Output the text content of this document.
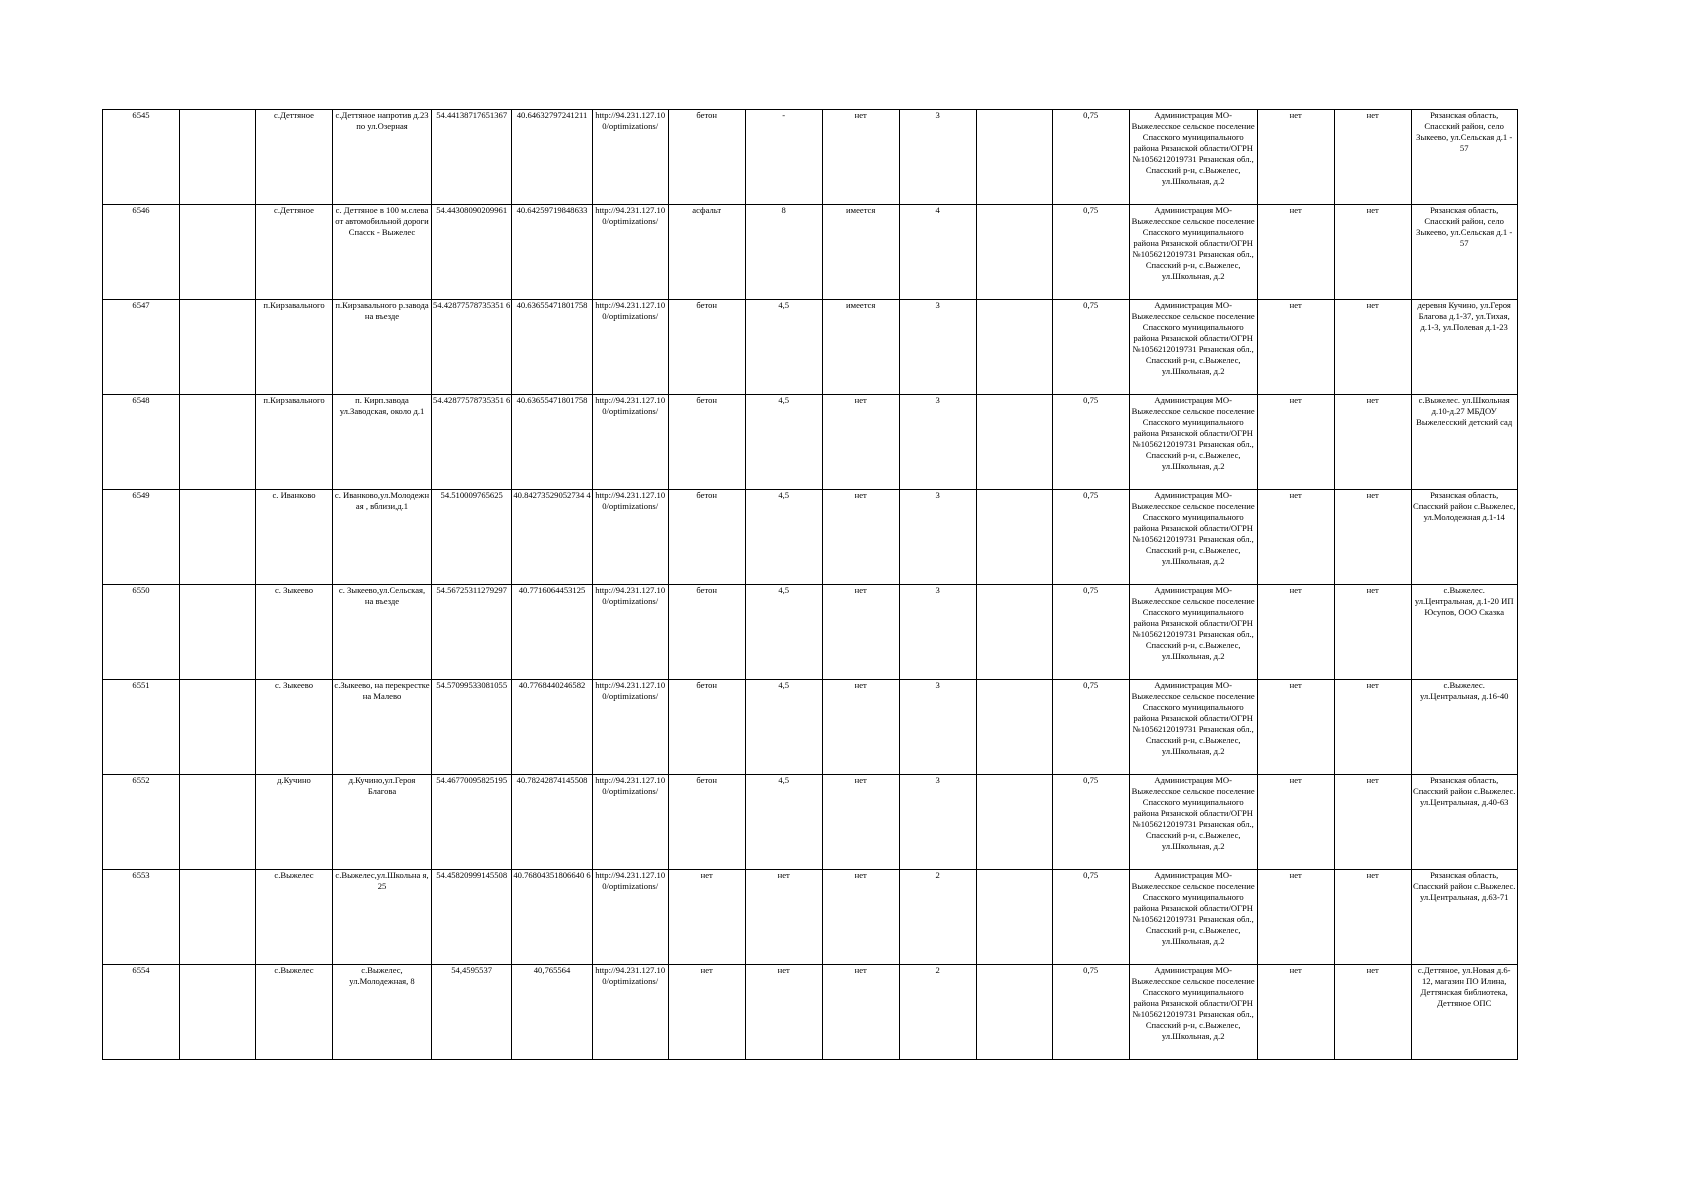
6545		с.Деттяное	с.Деттяное напротив д.23 по ул.Озерная	54.44138717651367	40.64632797241211	http://94.231.127.10 0/optimizations/	бетон	-	нет	3		0,75	Администрация МО-Выжелесское сельское поселение Спасского муниципального района Рязанской области/ОГРН №1056212019731 Рязанская обл., Спасский р-н, с.Выжелес, ул.Школьная, д.2	нет	нет	Рязанская область, Спасский район, село Зыкеево, ул.Сельская д.1 - 57
6546		с.Деттяное	с. Деттяное в 100 м.слева от автомобильной дороги Спасск - Выжелес	54.44308090209961	40.64259719848633	http://94.231.127.10 0/optimizations/	асфальт	8	имеется	4		0,75	Администрация МО-Выжелесское сельское поселение Спасского муниципального района Рязанской области/ОГРН №1056212019731 Рязанская обл., Спасский р-н, с.Выжелес, ул.Школьная, д.2	нет	нет	Рязанская область, Спасский район, село Зыкеево, ул.Сельская д.1 - 57
6547		п.Кирзавального	п.Кирзавального р.завода на въезде	54.42877578735351 6	40.63655471801758	http://94.231.127.10 0/optimizations/	бетон	4,5	имеется	3		0,75	Администрация МО-Выжелесское сельское поселение Спасского муниципального района Рязанской области/ОГРН №1056212019731 Рязанская обл., Спасский р-н, с.Выжелес, ул.Школьная, д.2	нет	нет	деревня Кучино, ул.Героя Благова д.1-37, ул.Тихая, д.1-3, ул.Полевая д.1-23
6548		п.Кирзавального	п. Кирп.завода ул.Заводская, около д.1	54.42877578735351 6	40.63655471801758	http://94.231.127.10 0/optimizations/	бетон	4,5	нет	3		0,75	Администрация МО-Выжелесское сельское поселение Спасского муниципального района Рязанской области/ОГРН №1056212019731 Рязанская обл., Спасский р-н, с.Выжелес, ул.Школьная, д.2	нет	нет	с.Выжелес. ул.Школьная д.10-д.27 МБДОУ Выжелесский детский сад
6549		с. Иванково	с. Иванково,ул.Молодежн ая , вблизи,д.1	54.510009765625	40.84273529052734 4	http://94.231.127.10 0/optimizations/	бетон	4,5	нет	3		0,75	Администрация МО-Выжелесское сельское поселение Спасского муниципального района Рязанской области/ОГРН №1056212019731 Рязанская обл., Спасский р-н, с.Выжелес, ул.Школьная, д.2	нет	нет	Рязанская область, Спасский район с.Выжелес, ул.Молодежная д.1-14
6550		с. Зыкеево	с. Зыкеево,ул.Сельская, на въезде	54.56725311279297	40.7716064453125	http://94.231.127.10 0/optimizations/	бетон	4,5	нет	3		0,75	Администрация МО-Выжелесское сельское поселение Спасского муниципального района Рязанской области/ОГРН №1056212019731 Рязанская обл., Спасский р-н, с.Выжелес, ул.Школьная, д.2	нет	нет	с.Выжелес. ул.Центральная, д.1-20 ИП Юсупов, ООО Сказка
6551		с. Зыкеево	с.Зыкеево, на перекрестке на Малево	54.57099533081055	40.7768440246582	http://94.231.127.10 0/optimizations/	бетон	4,5	нет	3		0,75	Администрация МО-Выжелесское сельское поселение Спасского муниципального района Рязанской области/ОГРН №1056212019731 Рязанская обл., Спасский р-н, с.Выжелес, ул.Школьная, д.2	нет	нет	с.Выжелес. ул.Центральная, д.16-40
6552		д.Кучино	д.Кучино,ул.Героя Благова	54.46770095825195	40.78242874145508	http://94.231.127.10 0/optimizations/	бетон	4,5	нет	3		0,75	Администрация МО-Выжелесское сельское поселение Спасского муниципального района Рязанской области/ОГРН №1056212019731 Рязанская обл., Спасский р-н, с.Выжелес, ул.Школьная, д.2	нет	нет	Рязанская область, Спасский район с.Выжелес. ул.Центральная, д.40-63
6553		с.Выжелес	с.Выжелес,ул.Школьна я, 25	54.45820999145508	40.76804351806640 6	http://94.231.127.10 0/optimizations/	нет	нет	нет	2		0,75	Администрация МО-Выжелесское сельское поселение Спасского муниципального района Рязанской области/ОГРН №1056212019731 Рязанская обл., Спасский р-н, с.Выжелес, ул.Школьная, д.2	нет	нет	Рязанская область, Спасский район с.Выжелес. ул.Центральная, д.63-71
6554		с.Выжелес	с.Выжелес, ул.Молодежная, 8	54,4595537	40,765564	http://94.231.127.10 0/optimizations/	нет	нет	нет	2		0,75	Администрация МО-Выжелесское сельское поселение Спасского муниципального района Рязанской области/ОГРН №1056212019731 Рязанская обл., Спасский р-н, с.Выжелес, ул.Школьная, д.2	нет	нет	с.Деттяное, ул.Новая д.6-12, магазин ПО Илина, Деттянская библиотека, Деттяное ОПС
